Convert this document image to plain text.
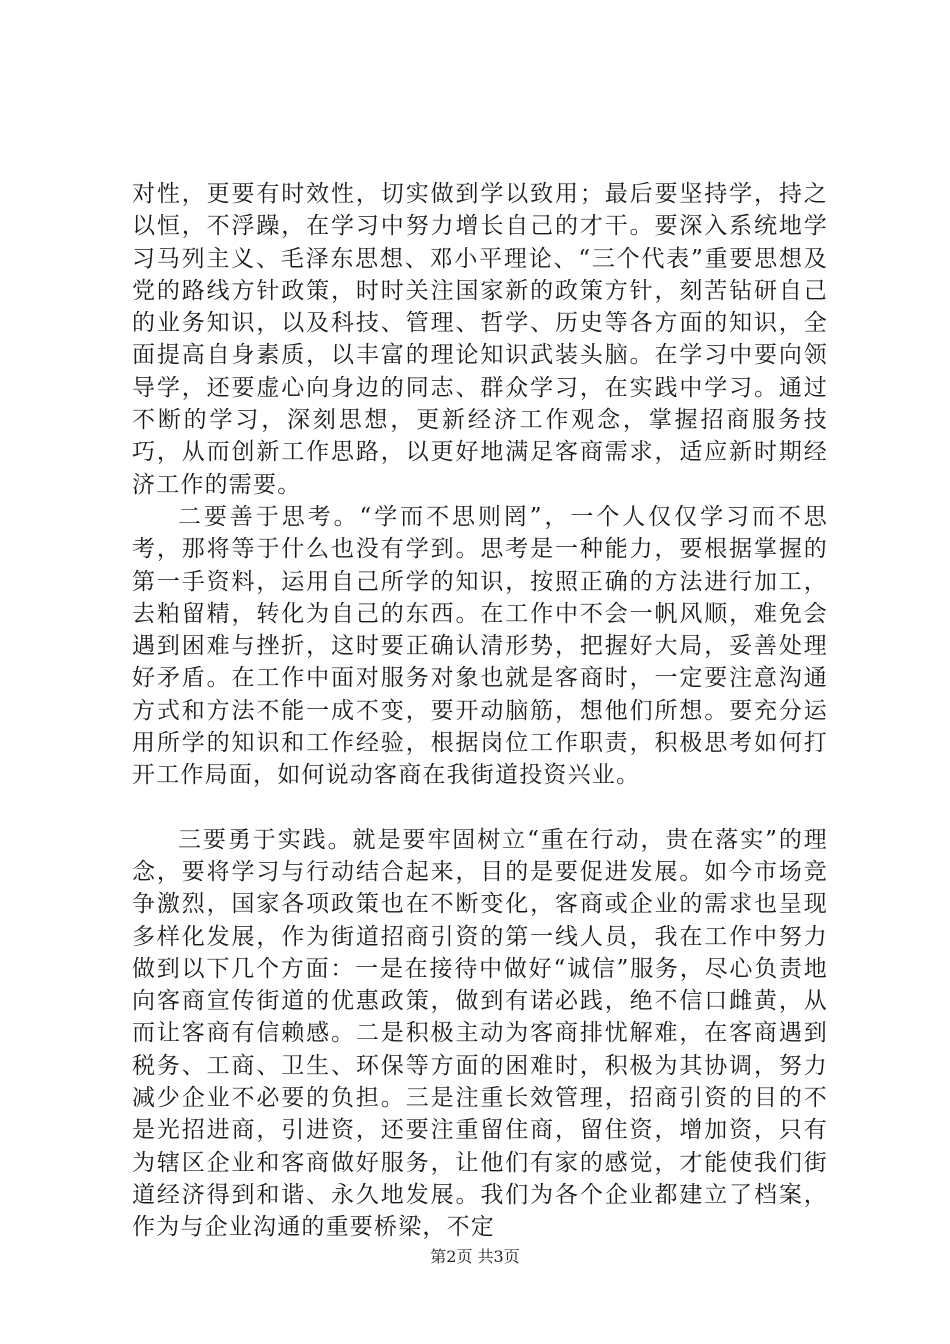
对性，更要有时效性，切实做到学以致用；最后要坚持学，持之以恒，不浮躁，在学习中努力增长自己的才干。要深入系统地学习马列主义、毛泽东思想、邓小平理论、“三个代表”重要思想及党的路线方针政策，时时关注国家新的政策方针，刻苦钻研自己的业务知识，以及科技、管理、哲学、历史等各方面的知识，全面提高自身素质，以丰富的理论知识武装头脑。在学习中要向领导学，还要虚心向身边的同志、群众学习，在实践中学习。通过不断的学习，深刻思想，更新经济工作观念，掌握招商服务技巧，从而创新工作思路，以更好地满足客商需求，适应新时期经济工作的需要。

二要善于思考。“学而不思则罔”，一个人仅仅学习而不思考，那将等于什么也没有学到。思考是一种能力，要根据掌握的第一手资料，运用自己所学的知识，按照正确的方法进行加工，去粕留精，转化为自己的东西。在工作中不会一帆风顺，难免会遇到困难与挫折，这时要正确认清形势，把握好大局，妥善处理好矛盾。在工作中面对服务对象也就是客商时，一定要注意沟通方式和方法不能一成不变，要开动脑筋，想他们所想。要充分运用所学的知识和工作经验，根据岗位工作职责，积极思考如何打开工作局面，如何说动客商在我街道投资兴业。

三要勇于实践。就是要牢固树立“重在行动，贵在落实”的理念，要将学习与行动结合起来，目的是要促进发展。如今市场竞争激烈，国家各项政策也在不断变化，客商或企业的需求也呈现多样化发展，作为街道招商引资的第一线人员，我在工作中努力做到以下几个方面：一是在接待中做好“诚信”服务，尽心负责地向客商宣传街道的优惠政策，做到有诺必践，绝不信口雌黄，从而让客商有信赖感。二是积极主动为客商排忧解难，在客商遇到税务、工商、卫生、环保等方面的困难时，积极为其协调，努力减少企业不必要的负担。三是注重长效管理，招商引资的目的不是光招进商，引进资，还要注重留住商，留住资，增加资，只有为辖区企业和客商做好服务，让他们有家的感觉，才能使我们街道经济得到和谐、永久地发展。我们为各个企业都建立了档案，作为与企业沟通的重要桥梁，不定

第2页 共3页
